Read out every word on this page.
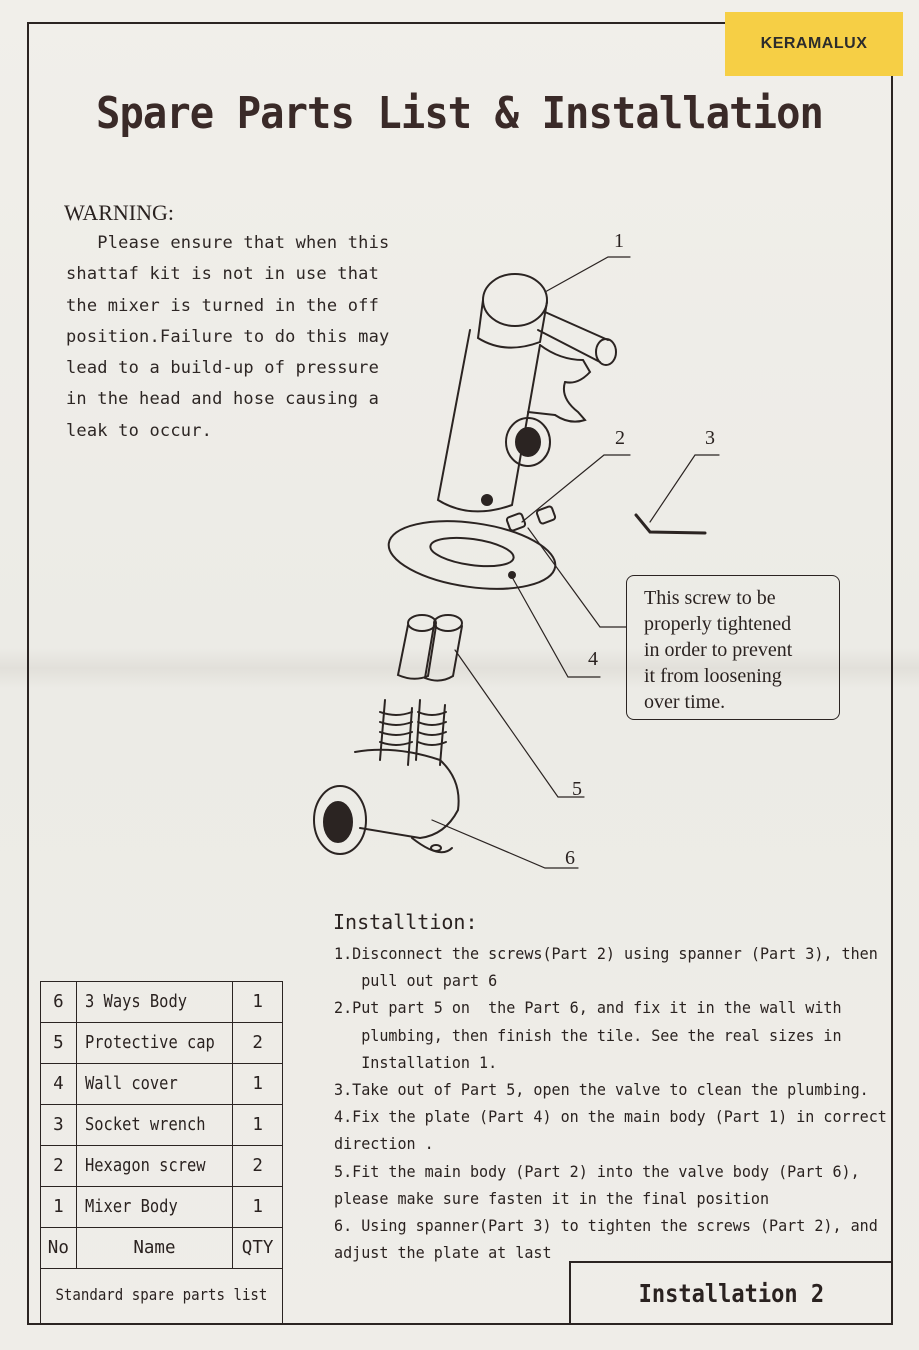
KERAMALUX
Spare Parts List & Installation
WARNING:
Please ensure that when this
shattaf kit is not in use that
the mixer is turned in the off
position.Failure to do this may
lead to a build-up of pressure
in the head and hose causing a
leak to occur.
1
2	3
4
5
6
This screw to be
properly tightened
in order to prevent
it from loosening
over time.
Installtion:
1.Disconnect the screws(Part 2) using spanner (Part 3), then
pull out part 6
2.Put part 5 on  the Part 6, and fix it in the wall with
plumbing, then finish the tile. See the real sizes in
Installation 1.
3.Take out of Part 5, open the valve to clean the plumbing.
4.Fix the plate (Part 4) on the main body (Part 1) in correct
direction .
5.Fit the main body (Part 2) into the valve body (Part 6),
please make sure fasten it in the final position
6. Using spanner(Part 3) to tighten the screws (Part 2), and
adjust the plate at last
6	3 Ways Body	1
5	Protective cap	2
4	Wall cover	1
3	Socket wrench	1
2	Hexagon screw	2
1	Mixer Body	1
No	Name	QTY
Standard spare parts list	Installation 2
